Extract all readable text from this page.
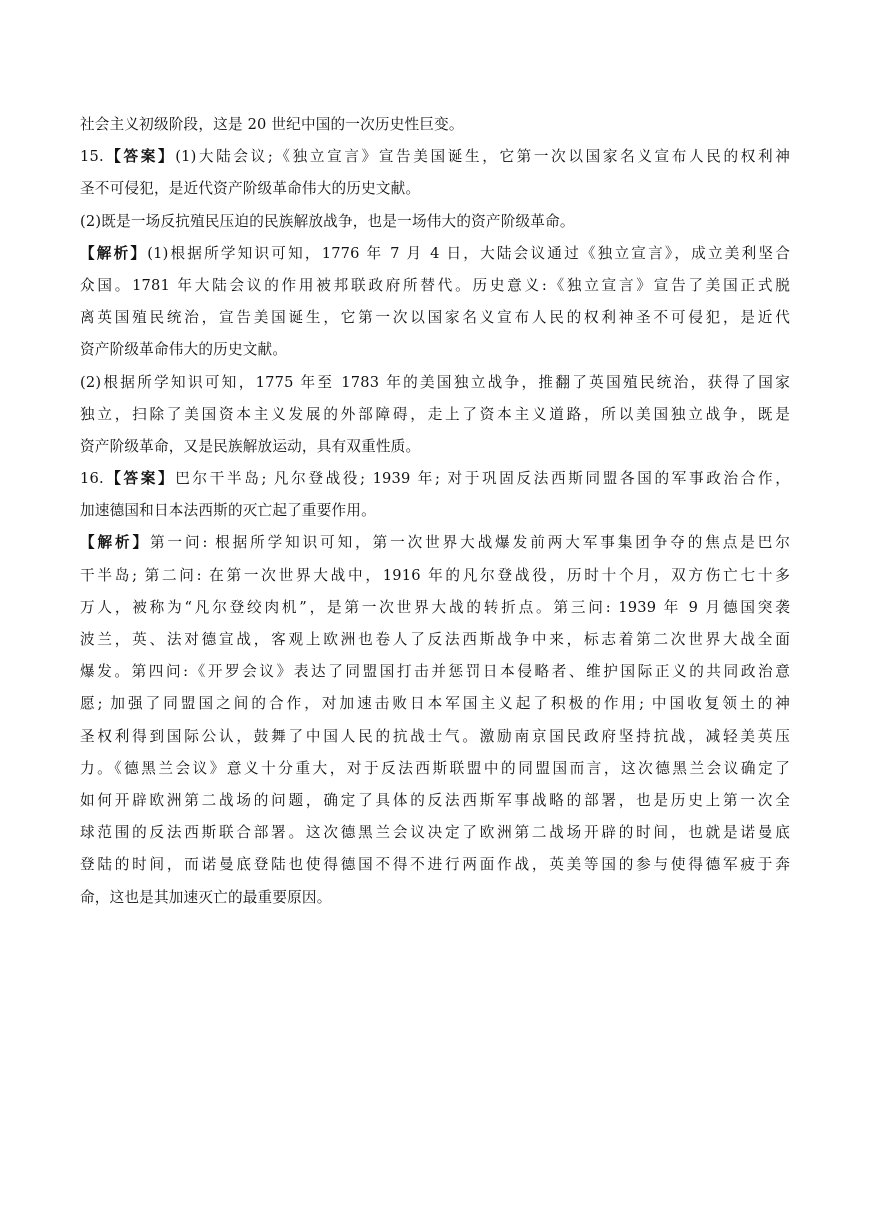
社会主义初级阶段，这是 20 世纪中国的一次历史性巨变。
15.【答案】(1)大陆会议;《独立宣言》宣告美国诞生，它第一次以国家名义宣布人民的权利神
圣不可侵犯，是近代资产阶级革命伟大的历史文献。
(2)既是一场反抗殖民压迫的民族解放战争，也是一场伟大的资产阶级革命。
【解析】(1)根据所学知识可知，1776 年 7 月 4 日，大陆会议通过《独立宣言》，成立美利坚合
众国。1781 年大陆会议的作用被邦联政府所替代。历史意义:《独立宣言》宣告了美国正式脱
离英国殖民统治，宣告美国诞生，它第一次以国家名义宣布人民的权利神圣不可侵犯，是近代
资产阶级革命伟大的历史文献。
(2)根据所学知识可知，1775 年至 1783 年的美国独立战争，推翻了英国殖民统治，获得了国家
独立，扫除了美国资本主义发展的外部障碍，走上了资本主义道路，所以美国独立战争，既是
资产阶级革命，又是民族解放运动，具有双重性质。
16.【答案】巴尔干半岛; 凡尔登战役; 1939 年; 对于巩固反法西斯同盟各国的军事政治合作，
加速德国和日本法西斯的灭亡起了重要作用。
【解析】第一问: 根据所学知识可知，第一次世界大战爆发前两大军事集团争夺的焦点是巴尔
干半岛; 第二问: 在第一次世界大战中，1916 年的凡尔登战役，历时十个月，双方伤亡七十多
万人，被称为“凡尔登绞肉机”，是第一次世界大战的转折点。第三问: 1939 年 9 月德国突袭
波兰，英、法对德宣战，客观上欧洲也卷人了反法西斯战争中来，标志着第二次世界大战全面
爆发。第四问:《开罗会议》表达了同盟国打击并惩罚日本侵略者、维护国际正义的共同政治意
愿; 加强了同盟国之间的合作，对加速击败日本军国主义起了积极的作用; 中国收复领土的神
圣权利得到国际公认，鼓舞了中国人民的抗战士气。激励南京国民政府坚持抗战，减轻美英压
力。《德黑兰会议》意义十分重大，对于反法西斯联盟中的同盟国而言，这次德黑兰会议确定了
如何开辟欧洲第二战场的问题，确定了具体的反法西斯军事战略的部署，也是历史上第一次全
球范围的反法西斯联合部署。这次德黑兰会议决定了欧洲第二战场开辟的时间，也就是诺曼底
登陆的时间，而诺曼底登陆也使得德国不得不进行两面作战，英美等国的参与使得德军疲于奔
命，这也是其加速灭亡的最重要原因。
